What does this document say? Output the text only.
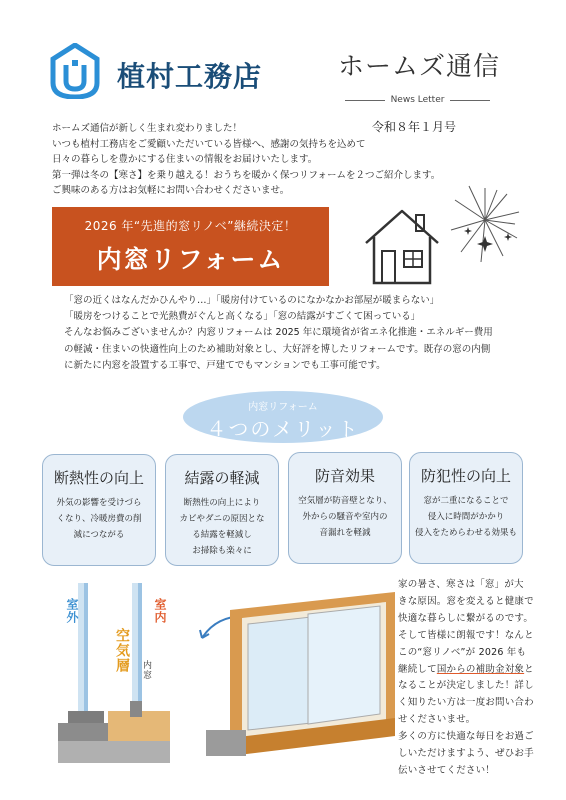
植村工務店	ホームズ通信
News Letter
令和８年１月号

ホームズ通信が新しく生まれ変わりました！

いつも植村工務店をご愛顧いただいている皆様へ、感謝の気持ちを込めて

日々の暮らしを豊かにする住まいの情報をお届けいたします。

第一弾は冬の【寒さ】を乗り越える！おうちを暖かく保つリフォームを２つご紹介します。

ご興味のある方はお気軽にお問い合わせくださいませ。

2026 年“先進的窓リノベ”継続決定！
内窓リフォーム

「窓の近くはなんだかひんやり…」「暖房付けているのになかなかお部屋が暖まらない」

「暖房をつけることで光熱費がぐんと高くなる」「窓の結露がすごくて困っている」

そんなお悩みございませんか？内窓リフォームは 2025 年に環境省が省エネ化推進・エネルギー費用

の軽減・住まいの快適性向上のため補助対象とし、大好評を博したリフォームです。既存の窓の内側

に新たに内窓を設置する工事で、戸建てでもマンションでも工事可能です。

内窓リフォーム
４つのメリット
断熱性の向上
外気の影響を受けづら
くなり、冷暖房費の削
減につながる
結露の軽減
断熱性の向上により
カビやダニの原因とな
る結露を軽減し
お掃除も楽々に
防音効果
空気層が防音壁となり、
外からの騒音や室内の
音漏れを軽減
防犯性の向上
窓が二重になることで
侵入に時間がかかり
侵入をためらわせる効果も
室外
空気層
室内
内窓

家の暑さ、寒さは「窓」が大

きな原因。窓を変えると健康で

快適な暮らしに繋がるのです。

そして皆様に朗報です！なんと

この“窓リノベ”が 2026 年も

継続して国からの補助金対象と

なることが決定しました！詳し

く知りたい方は一度お問い合わ

せくださいませ。

多くの方に快適な毎日をお過ご

しいただけますよう、ぜひお手

伝いさせてください！
